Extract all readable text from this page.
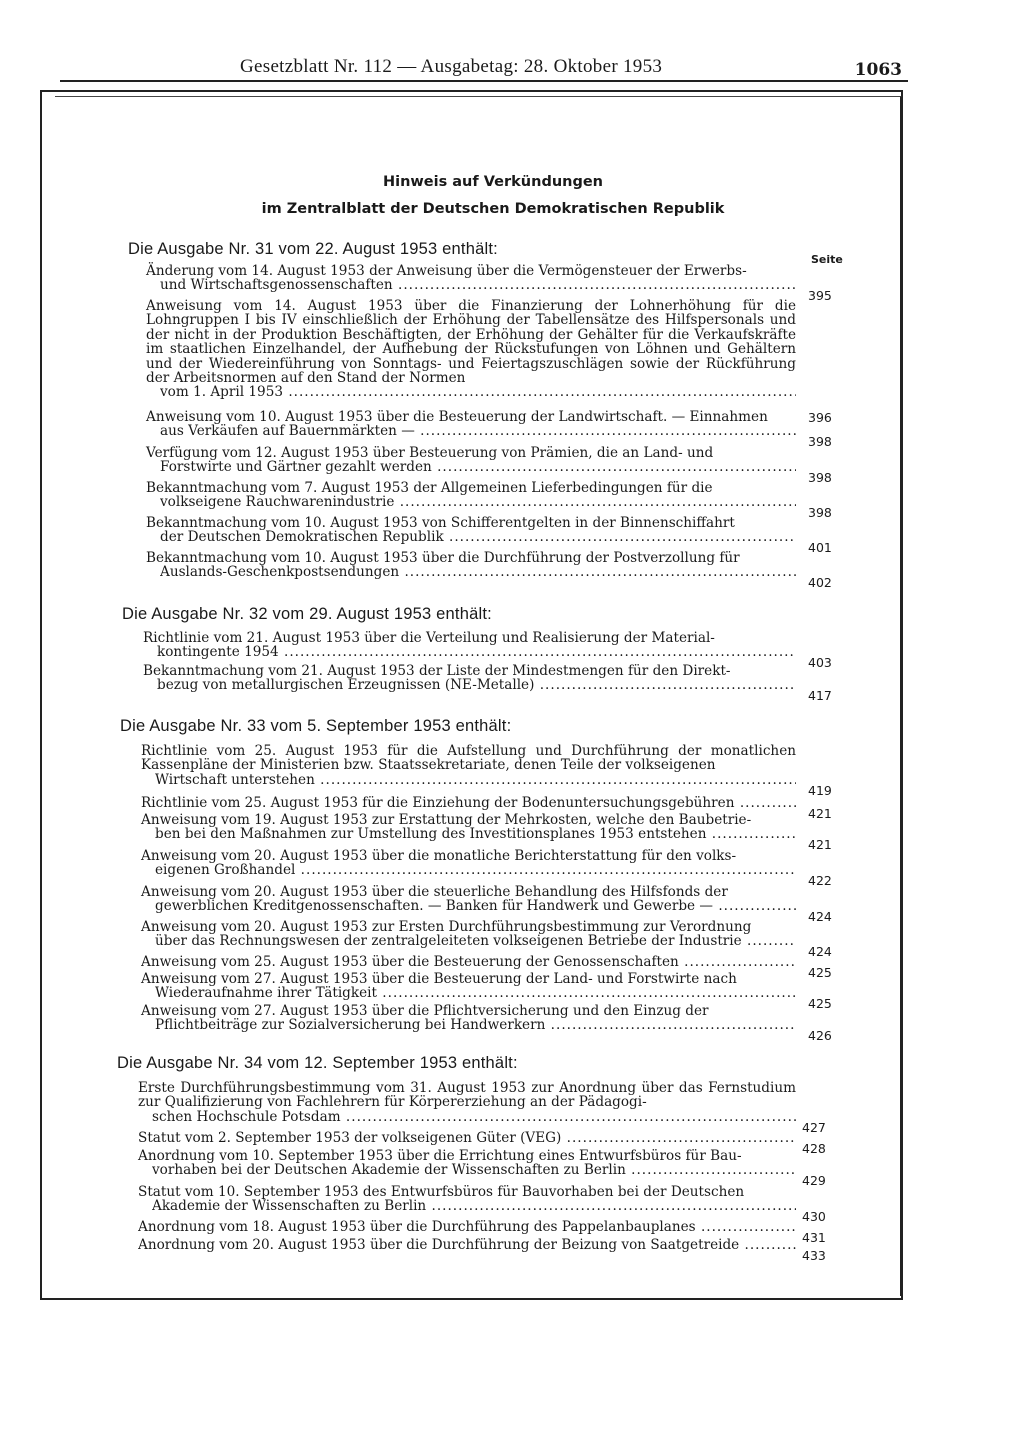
Gesetzblatt Nr. 112 — Ausgabetag: 28. Oktober 1953	1063
Hinweis auf Verkündungen
im Zentralblatt der Deutschen Demokratischen Republik
Seite
Die Ausgabe Nr. 31 vom 22. August 1953 enthält:
Änderung vom 14. August 1953 der Anweisung über die Vermögensteuer der Erwerbs-
und Wirtschaftsgenossenschaften .....
395
Anweisung vom 14. August 1953 über die Finanzierung der Lohnerhöhung für die Lohngruppen I bis IV einschließlich der Erhöhung der Tabellensätze des Hilfspersonals und der nicht in der Produktion Beschäftigten, der Erhöhung der Gehälter für die Verkaufskräfte im staatlichen Einzelhandel, der Aufhebung der Rückstufungen von Löhnen und Gehältern und der Wiedereinführung von Sonntags- und Feiertagszuschlägen sowie der Rückführung der Arbeitsnormen auf den Stand der Normen
vom 1. April 1953 .....
396
Anweisung vom 10. August 1953 über die Besteuerung der Landwirtschaft. — Einnahmen
aus Verkäufen auf Bauernmärkten — .....
398
Verfügung vom 12. August 1953 über Besteuerung von Prämien, die an Land- und
Forstwirte und Gärtner gezahlt werden .....
398
Bekanntmachung vom 7. August 1953 der Allgemeinen Lieferbedingungen für die
volkseigene Rauchwarenindustrie .....
398
Bekanntmachung vom 10. August 1953 von Schifferentgelten in der Binnenschiffahrt
der Deutschen Demokratischen Republik .....
401
Bekanntmachung vom 10. August 1953 über die Durchführung der Postverzollung für
Auslands-Geschenkpostsendungen .....
402
Die Ausgabe Nr. 32 vom 29. August 1953 enthält:
Richtlinie vom 21. August 1953 über die Verteilung und Realisierung der Material-
kontingente 1954 .....
403
Bekanntmachung vom 21. August 1953 der Liste der Mindestmengen für den Direkt-
bezug von metallurgischen Erzeugnissen (NE-Metalle) .....
417
Die Ausgabe Nr. 33 vom 5. September 1953 enthält:
Richtlinie vom 25. August 1953 für die Aufstellung und Durchführung der monatlichen Kassenpläne der Ministerien bzw. Staatssekretariate, denen Teile der volkseigenen
Wirtschaft unterstehen .....
419
Richtlinie vom 25. August 1953 für die Einziehung der Bodenuntersuchungsgebühren .....
421
Anweisung vom 19. August 1953 zur Erstattung der Mehrkosten, welche den Baubetrie-
ben bei den Maßnahmen zur Umstellung des Investitionsplanes 1953 entstehen .....
421
Anweisung vom 20. August 1953 über die monatliche Berichterstattung für den volks-
eigenen Großhandel .....
422
Anweisung vom 20. August 1953 über die steuerliche Behandlung des Hilfsfonds der
gewerblichen Kreditgenossenschaften. — Banken für Handwerk und Gewerbe — .....
424
Anweisung vom 20. August 1953 zur Ersten Durchführungsbestimmung zur Verordnung
über das Rechnungswesen der zentralgeleiteten volkseigenen Betriebe der Industrie .....
424
Anweisung vom 25. August 1953 über die Besteuerung der Genossenschaften .....
425
Anweisung vom 27. August 1953 über die Besteuerung der Land- und Forstwirte nach
Wiederaufnahme ihrer Tätigkeit .....
425
Anweisung vom 27. August 1953 über die Pflichtversicherung und den Einzug der
Pflichtbeiträge zur Sozialversicherung bei Handwerkern .....
426
Die Ausgabe Nr. 34 vom 12. September 1953 enthält:
Erste Durchführungsbestimmung vom 31. August 1953 zur Anordnung über das Fernstudium zur Qualifizierung von Fachlehrern für Körpererziehung an der Pädagogi-
schen Hochschule Potsdam .....
427
Statut vom 2. September 1953 der volkseigenen Güter (VEG) .....
428
Anordnung vom 10. September 1953 über die Errichtung eines Entwurfsbüros für Bau-
vorhaben bei der Deutschen Akademie der Wissenschaften zu Berlin .....
429
Statut vom 10. September 1953 des Entwurfsbüros für Bauvorhaben bei der Deutschen
Akademie der Wissenschaften zu Berlin .....
430
Anordnung vom 18. August 1953 über die Durchführung des Pappelanbauplanes .....
431
Anordnung vom 20. August 1953 über die Durchführung der Beizung von Saatgetreide .....
433
